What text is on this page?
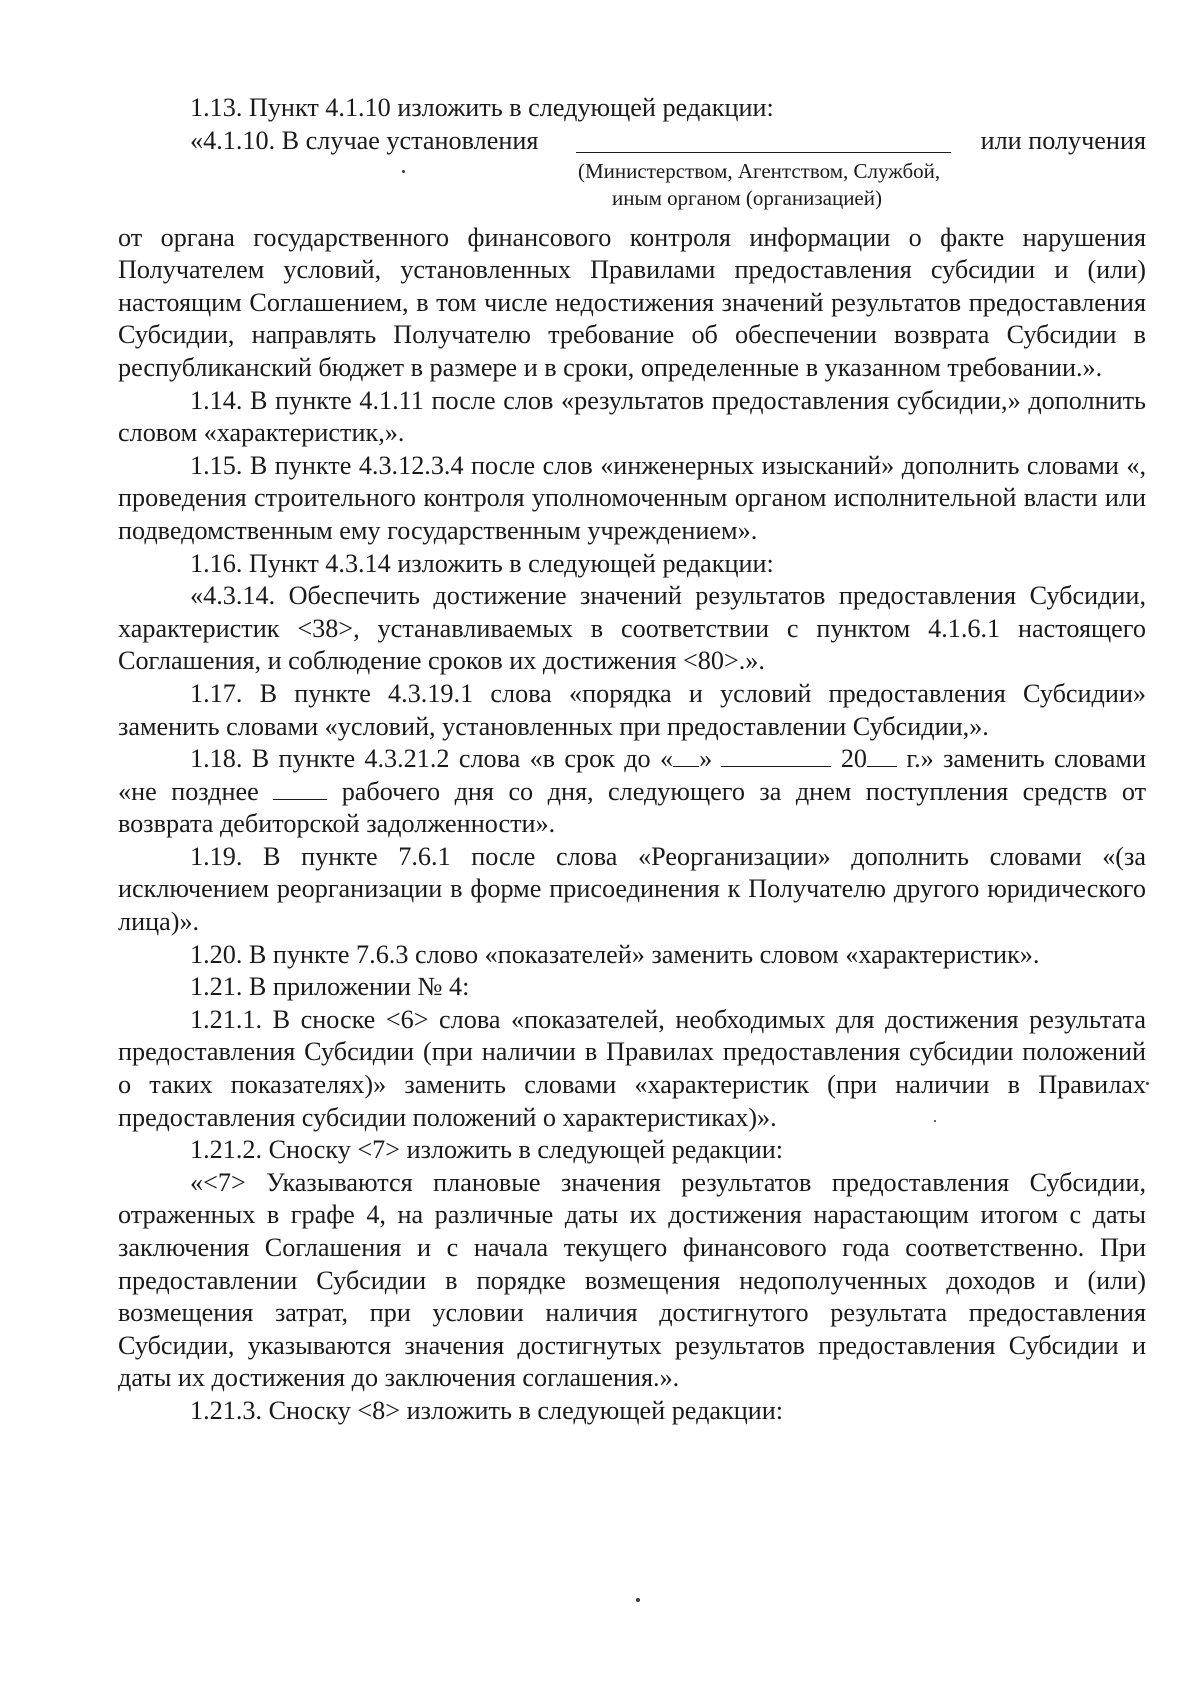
1.13. Пункт 4.1.10 изложить в следующей редакции:

«4.1.10. В случае установления	или получения
(Министерством, Агентством, Службой,
иным органом (организацией)

от органа государственного финансового контроля информации о факте нарушения Получателем условий, установленных Правилами предоставления субсидии и (или) настоящим Соглашением, в том числе недостижения значений результатов предоставления Субсидии, направлять Получателю требование об обеспечении возврата Субсидии в республиканский бюджет в размере и в сроки, определенные в указанном требовании.».

1.14. В пункте 4.1.11 после слов «результатов предоставления субсидии,» дополнить словом «характеристик,».

1.15. В пункте 4.3.12.3.4 после слов «инженерных изысканий» дополнить словами «, проведения строительного контроля уполномоченным органом исполнительной власти или подведомственным ему государственным учреждением».

1.16. Пункт 4.3.14 изложить в следующей редакции:

«4.3.14. Обеспечить достижение значений результатов предоставления Субсидии, характеристик <38>, устанавливаемых в соответствии с пунктом 4.1.6.1 настоящего Соглашения, и соблюдение сроков их достижения <80>.».

1.17. В пункте 4.3.19.1 слова «порядка и условий предоставления Субсидии» заменить словами «условий, установленных при предоставлении Субсидии,».

1.18. В пункте 4.3.21.2 слова «в срок до « »	20 г.» заменить словами «не позднее	рабочего дня со дня, следующего за днем поступления средств от возврата дебиторской задолженности».

1.19. В пункте 7.6.1 после слова «Реорганизации» дополнить словами «(за исключением реорганизации в форме присоединения к Получателю другого юридического лица)».

1.20. В пункте 7.6.3 слово «показателей» заменить словом «характеристик».

1.21. В приложении № 4:

1.21.1. В сноске <6> слова «показателей, необходимых для достижения результата предоставления Субсидии (при наличии в Правилах предоставления субсидии положений о таких показателях)» заменить словами «характеристик (при наличии в Правилах предоставления субсидии положений о характеристиках)».

1.21.2. Сноску <7> изложить в следующей редакции:

«<7> Указываются плановые значения результатов предоставления Субсидии, отраженных в графе 4, на различные даты их достижения нарастающим итогом с даты заключения Соглашения и с начала текущего финансового года соответственно. При предоставлении Субсидии в порядке возмещения недополученных доходов и (или) возмещения затрат, при условии наличия достигнутого результата предоставления Субсидии, указываются значения достигнутых результатов предоставления Субсидии и даты их достижения до заключения соглашения.».

1.21.3. Сноску <8> изложить в следующей редакции:
